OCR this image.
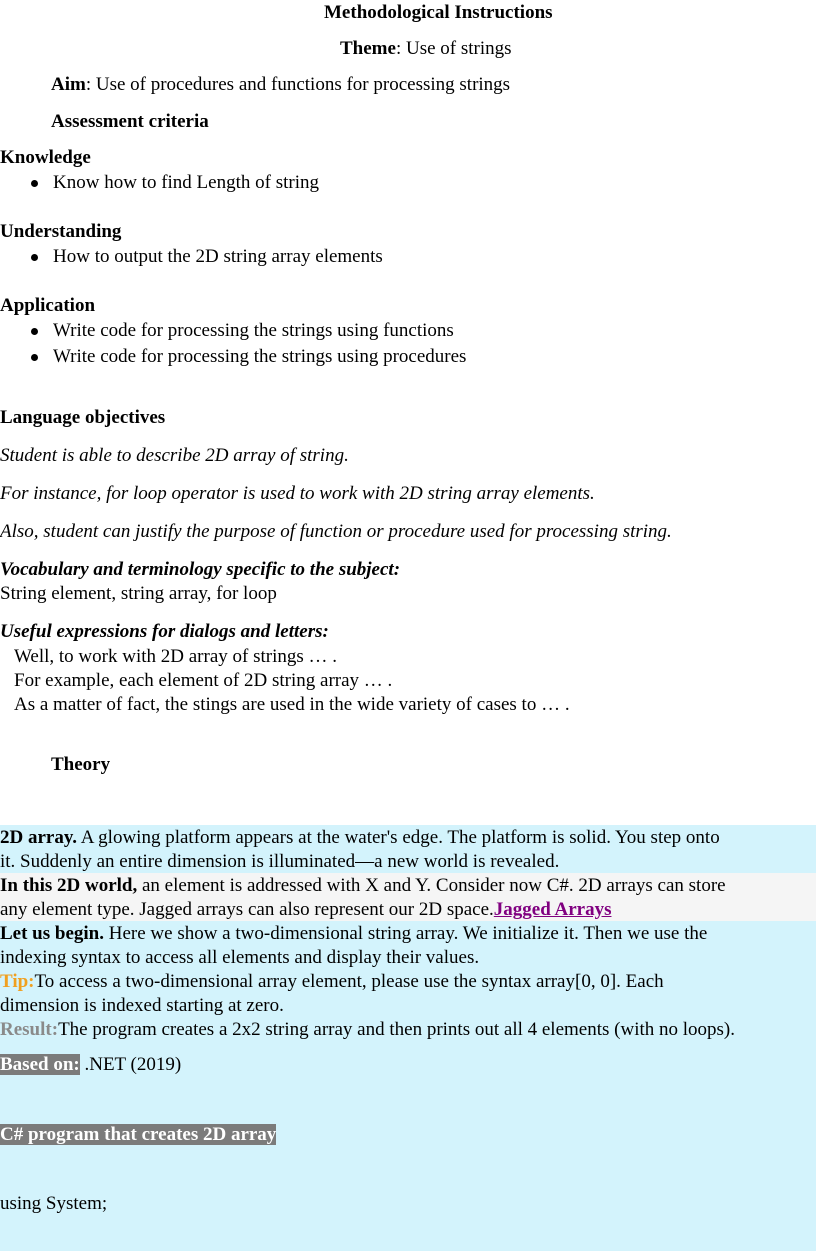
Methodological Instructions
Theme: Use of strings
Aim: Use of procedures and functions for processing strings
Assessment criteria
Knowledge
Know how to find Length of string
Understanding
How to output the 2D string array elements
Application
Write code for processing the strings using functions
Write code for processing the strings using procedures
Language objectives
Student is able to describe 2D array of string.
For instance, for loop operator is used to work with 2D string array elements.
Also, student can justify the purpose of function or procedure used for processing string.
Vocabulary and terminology specific to the subject:
String element, string array, for loop
Useful expressions for dialogs and letters:
Well, to work with 2D array of strings … .
For example, each element of 2D string array … .
As a matter of fact, the stings are used in the wide variety of cases to … .
Theory
2D array. A glowing platform appears at the water's edge. The platform is solid. You step onto
it. Suddenly an entire dimension is illuminated—a new world is revealed.
In this 2D world, an element is addressed with X and Y. Consider now C#. 2D arrays can store
any element type. Jagged arrays can also represent our 2D space.Jagged Arrays
Let us begin. Here we show a two-dimensional string array. We initialize it. Then we use the
indexing syntax to access all elements and display their values.
Tip:To access a two-dimensional array element, please use the syntax array[0, 0]. Each
dimension is indexed starting at zero.
Result:The program creates a 2x2 string array and then prints out all 4 elements (with no loops).
Based on: .NET (2019)
C# program that creates 2D array
using System;
